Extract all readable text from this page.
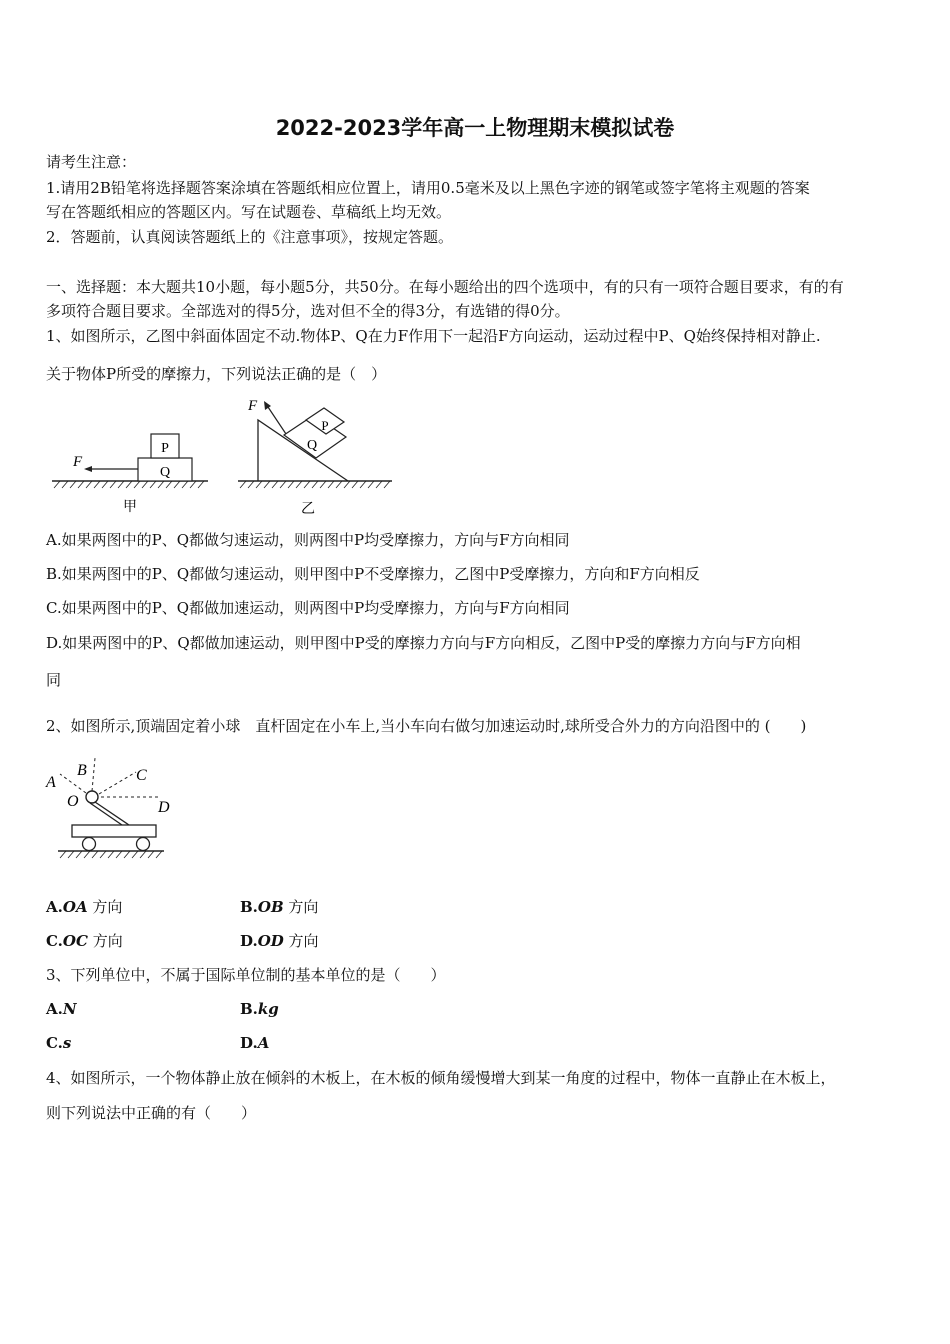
2022-2023学年高一上物理期末模拟试卷
请考生注意：
1.请用2B铅笔将选择题答案涂填在答题纸相应位置上，请用0.5毫米及以上黑色字迹的钢笔或签字笔将主观题的答案
写在答题纸相应的答题区内。写在试题卷、草稿纸上均无效。
2．答题前，认真阅读答题纸上的《注意事项》，按规定答题。
一、选择题：本大题共10小题，每小题5分，共50分。在每小题给出的四个选项中，有的只有一项符合题目要求，有的有
多项符合题目要求。全部选对的得5分，选对但不全的得3分，有选错的得0分。
1、如图所示，乙图中斜面体固定不动.物体P、Q在力F作用下一起沿F方向运动，运动过程中P、Q始终保持相对静止.
关于物体P所受的摩擦力，下列说法正确的是（　）
P
Q
F
甲
P
Q
F
乙
A.如果两图中的P、Q都做匀速运动，则两图中P均受摩擦力，方向与F方向相同
B.如果两图中的P、Q都做匀速运动，则甲图中P不受摩擦力，乙图中P受摩擦力，方向和F方向相反
C.如果两图中的P、Q都做加速运动，则两图中P均受摩擦力，方向与F方向相同
D.如果两图中的P、Q都做加速运动，则甲图中P受的摩擦力方向与F方向相反，乙图中P受的摩擦力方向与F方向相
同
2、如图所示,顶端固定着小球　直杆固定在小车上,当小车向右做匀加速运动时,球所受合外力的方向沿图中的 (　　)
A
B	C
D
O
A.OA 方向	B.OB 方向
C.OC 方向	D.OD 方向
3、下列单位中，不属于国际单位制的基本单位的是（　　）
A.N	B.kg
C.s	D.A
4、如图所示，一个物体静止放在倾斜的木板上，在木板的倾角缓慢增大到某一角度的过程中，物体一直静止在木板上，
则下列说法中正确的有（　　）
